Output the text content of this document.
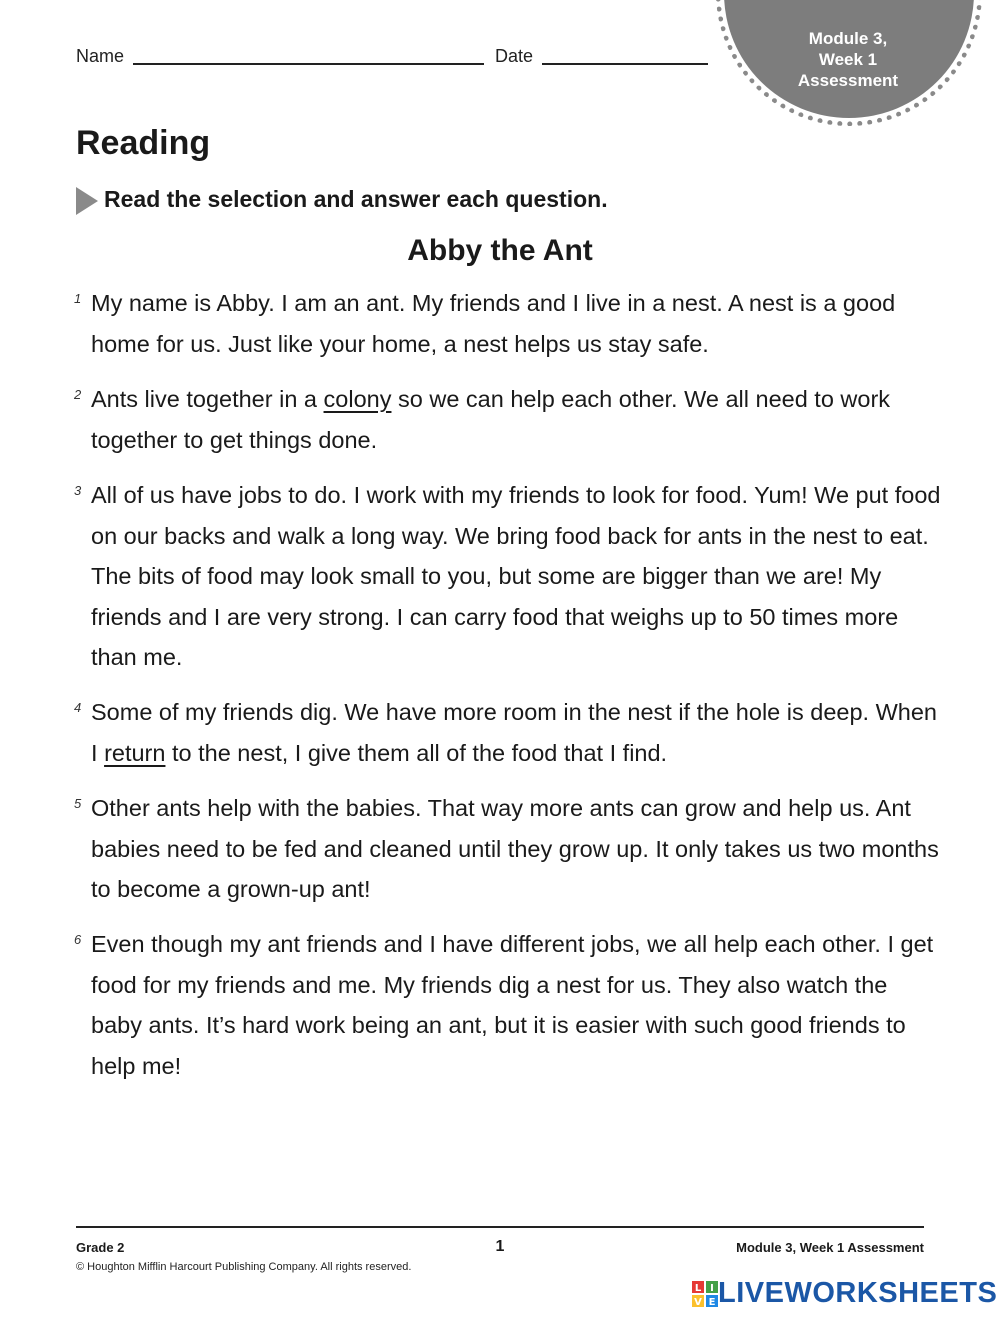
Name	Date
Module 3,
Week 1
Assessment
Reading
Read the selection and answer each question.
Abby the Ant
1 My name is Abby. I am an ant. My friends and I live in a nest. A nest is a good home for us. Just like your home, a nest helps us stay safe.
2 Ants live together in a colony so we can help each other. We all need to work together to get things done.
3 All of us have jobs to do. I work with my friends to look for food. Yum! We put food on our backs and walk a long way. We bring food back for ants in the nest to eat. The bits of food may look small to you, but some are bigger than we are! My friends and I are very strong. I can carry food that weighs up to 50 times more than me.
4 Some of my friends dig. We have more room in the nest if the hole is deep. When I return to the nest, I give them all of the food that I find.
5 Other ants help with the babies. That way more ants can grow and help us. Ant babies need to be fed and cleaned until they grow up. It only takes us two months to become a grown-up ant!
6 Even though my ant friends and I have different jobs, we all help each other. I get food for my friends and me. My friends dig a nest for us. They also watch the baby ants. It’s hard work being an ant, but it is easier with such good friends to help me!
Grade 2	1	Module 3, Week 1 Assessment
© Houghton Mifflin Harcourt Publishing Company. All rights reserved.
L I
V E LIVEWORKSHEETS
